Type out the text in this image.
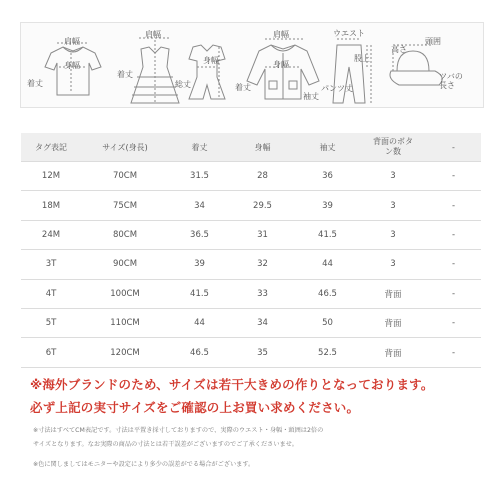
肩幅
身幅
着丈
肩幅
着丈
身幅
総丈
肩幅
身幅
着丈
袖丈
ウエスト
股上
パンツ丈
頭囲
高さ
ツバの長さ
タグ表記	サイズ(身長)	着丈	身幅	袖丈	背面のボタン数	-
12M	70CM	31.5	28	36	3	-
18M	75CM	34	29.5	39	3	-
24M	80CM	36.5	31	41.5	3	-
3T	90CM	39	32	44	3	-
4T	100CM	41.5	33	46.5	背面	-
5T	110CM	44	34	50	背面	-
6T	120CM	46.5	35	52.5	背面	-
※海外ブランドのため、サイズは若干大きめの作りとなっております。
必ず上記の実寸サイズをご確認の上お買い求めください。
※寸法はすべてCM表記です。寸法は平置き採寸しておりますので、実際のウエスト・身幅・頭囲は2倍の
サイズとなります。なお実際の商品の寸法とは若干誤差がございますのでご了承くださいませ。
※色に関しましてはモニターや設定により多少の誤差がでる場合がございます。
